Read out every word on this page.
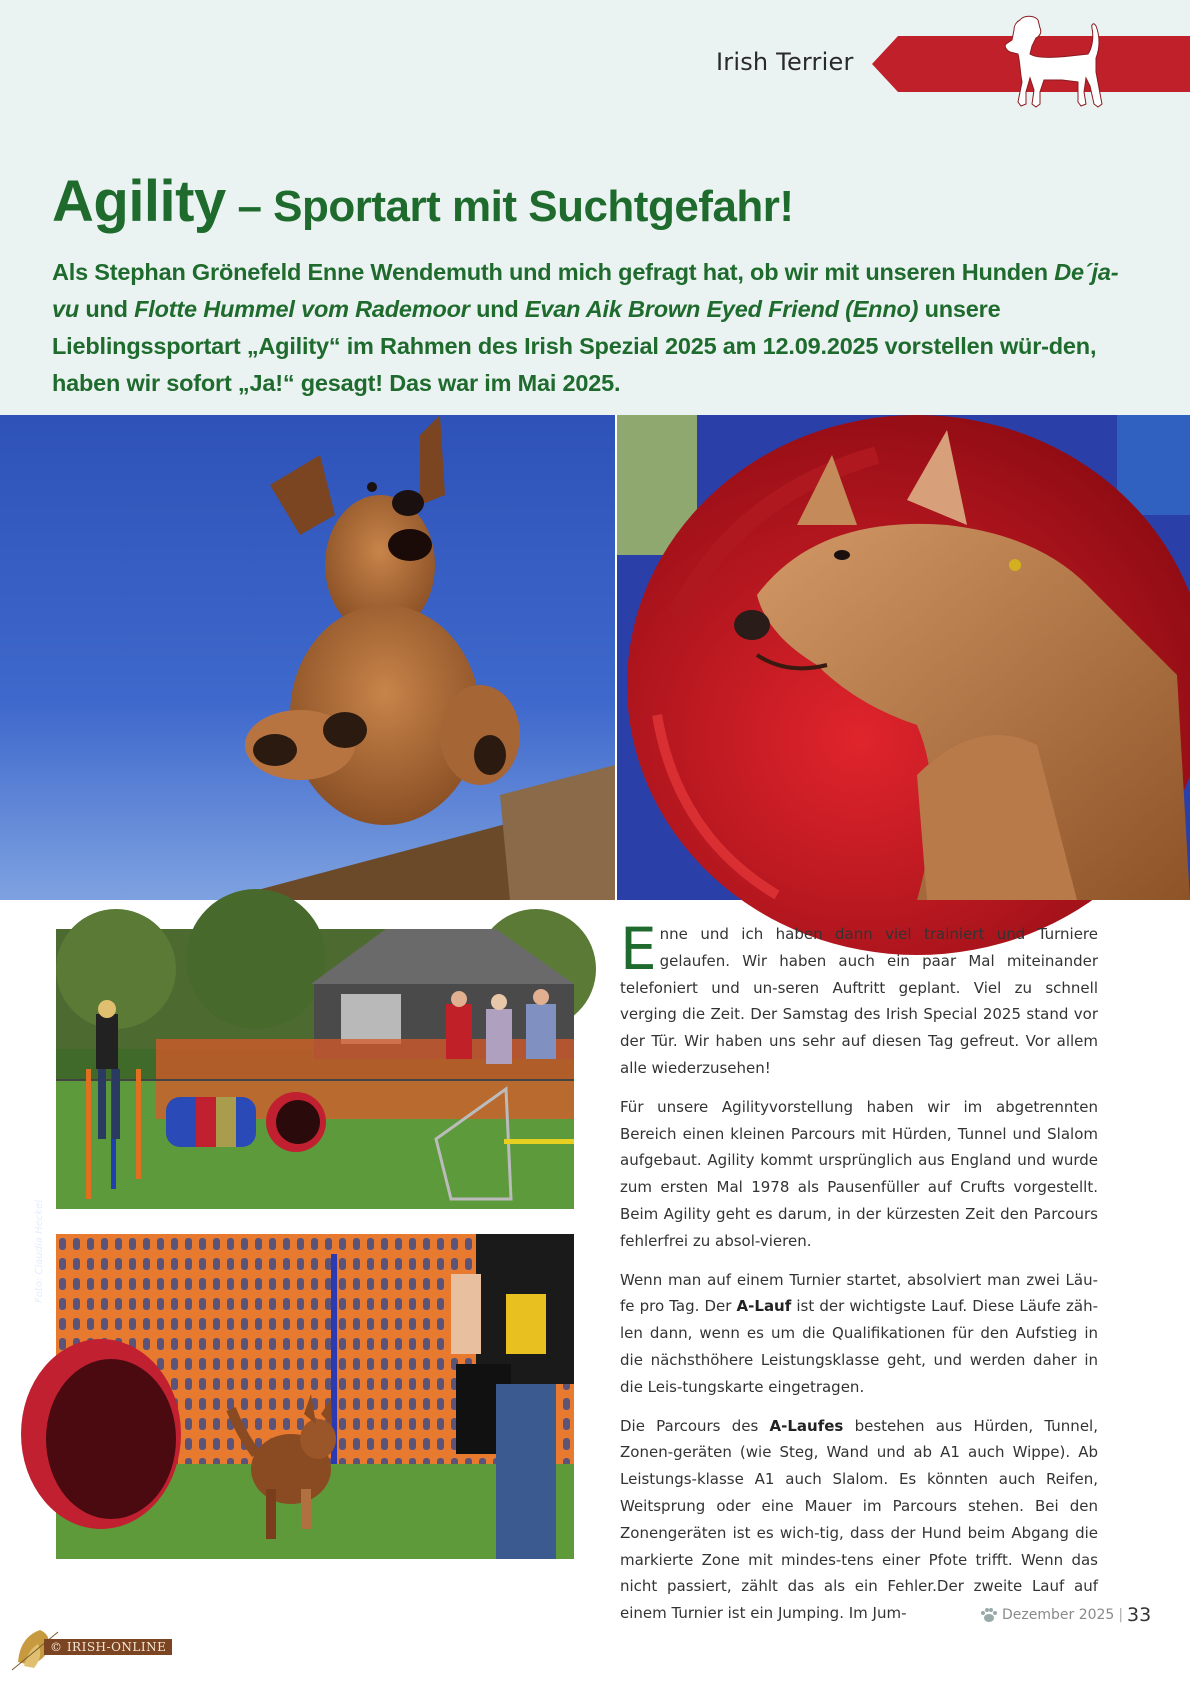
Irish Terrier
Agility – Sportart mit Suchtgefahr!

Als Stephan Grönefeld Enne Wendemuth und mich gefragt hat, ob wir mit unseren Hunden De´ja-vu und Flotte Hummel vom Rademoor und Evan Aik Brown Eyed Friend (Enno) unsere Lieblingssportart „Agility“ im Rahmen des Irish Spezial 2025 am 12.09.2025 vorstellen wür-den, haben wir sofort „Ja!“ gesagt! Das war im Mai 2025.

Foto: Claudia Heckel

Enne und ich haben dann viel trainiert und Turniere gelaufen. Wir haben auch ein paar Mal miteinander telefoniert und un-seren Auftritt geplant. Viel zu schnell verging die Zeit. Der Samstag des Irish Special 2025 stand vor der Tür. Wir haben uns sehr auf diesen Tag gefreut. Vor allem alle wiederzusehen!

Für unsere Agilityvorstellung haben wir im abgetrennten Bereich einen kleinen Parcours mit Hürden, Tunnel und Slalom aufgebaut. Agility kommt ursprünglich aus England und wurde zum ersten Mal 1978 als Pausenfüller auf Crufts vorgestellt. Beim Agility geht es darum, in der kürzesten Zeit den Parcours fehlerfrei zu absol-vieren.

Wenn man auf einem Turnier startet, absolviert man zwei Läu-fe pro Tag. Der A-Lauf ist der wichtigste Lauf. Diese Läufe zäh-len dann, wenn es um die Qualifikationen für den Aufstieg in die nächsthöhere Leistungsklasse geht, und werden daher in die Leis-tungskarte eingetragen.

Die Parcours des A-Laufes bestehen aus Hürden, Tunnel, Zonen-geräten (wie Steg, Wand und ab A1 auch Wippe). Ab Leistungs-klasse A1 auch Slalom. Es könnten auch Reifen, Weitsprung oder eine Mauer im Parcours stehen. Bei den Zonengeräten ist es wich-tig, dass der Hund beim Abgang die markierte Zone mit mindes-tens einer Pfote trifft. Wenn das nicht passiert, zählt das als ein Fehler.Der zweite Lauf auf einem Turnier ist ein Jumping. Im Jum-	Dezember 2025 | 33
© IRISH-ONLINE
